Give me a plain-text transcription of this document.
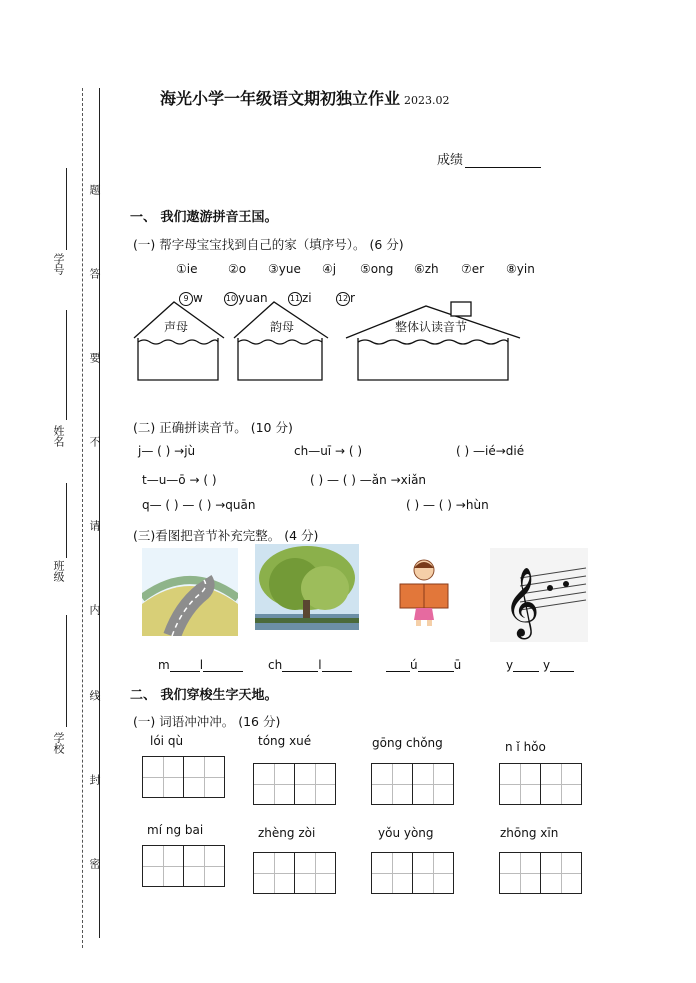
学号
姓名
班级
学校
题
答
要
不
请
内
线
封
密
海光小学一年级语文期初独立作业 2023.02
成绩
一、 我们遨游拼音王国。
(一) 帮字母宝宝找到自己的家（填序号）。 (6 分)
①ie	②o ③yue ④j ⑤ong ⑥zh ⑦er ⑧yin
9 w	10 yuan	11 zi	12 r
声母	韵母	整体认读音节
(二) 正确拼读音节。 (10 分)
j— ( ) →jù	ch—uī → ( )	( ) —ié→dié
t—u—ō → ( )	( ) — ( ) —ǎn →xiǎn
q— ( ) — ( ) →quān	( ) — ( ) →hùn
(三)看图把音节补充完整。 (4 分)
𝄞
m	l	ch	l	ú	ū	y y
二、 我们穿梭生字天地。
(一) 词语冲冲冲。 (16 分)
lói qù	tóng xué	gōng chǒng	n ǐ hǒo
mí ng bai	zhèng zòi	yǒu yòng	zhōng xīn
